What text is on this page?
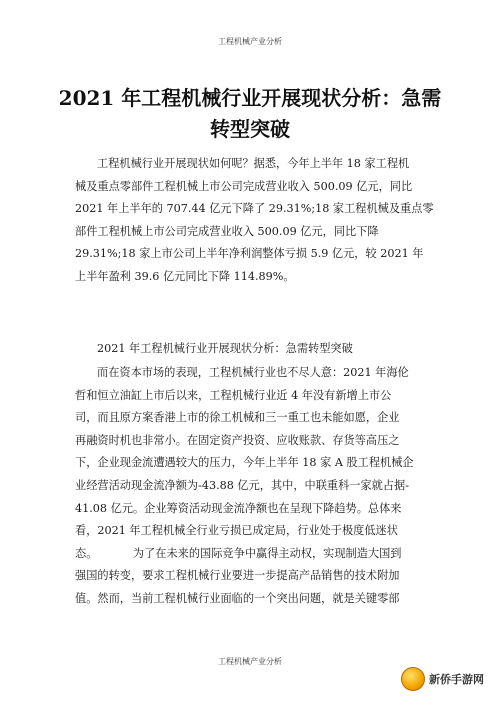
工程机械产业分析
2021 年工程机械行业开展现状分析：急需
转型突破
工程机械行业开展现状如何呢？据悉，今年上半年 18 家工程机
械及重点零部件工程机械上市公司完成营业收入 500.09 亿元，同比
2021 年上半年的 707.44 亿元下降了 29.31%;18 家工程机械及重点零
部件工程机械上市公司完成营业收入 500.09 亿元，同比下降
29.31%;18 家上市公司上半年净利润整体亏损 5.9 亿元，较 2021 年
上半年盈利 39.6 亿元同比下降 114.89%。
2021 年工程机械行业开展现状分析：急需转型突破
而在资本市场的表现，工程机械行业也不尽人意：2021 年海伦
哲和恒立油缸上市后以来，工程机械行业近 4 年没有新增上市公
司，而且原方案香港上市的徐工机械和三一重工也未能如愿，企业
再融资时机也非常小。在固定资产投资、应收账款、存货等高压之
下，企业现金流遭遇较大的压力，今年上半年 18 家 A 股工程机械企
业经营活动现金流净额为-43.88 亿元，其中，中联重科一家就占据-
41.08 亿元。企业筹资活动现金流净额也在呈现下降趋势。总体来
看，2021 年工程机械全行业亏损已成定局，行业处于极度低迷状
态。          为了在未来的国际竞争中赢得主动权，实现制造大国到
强国的转变，要求工程机械行业要进一步提高产品销售的技术附加
值。然而，当前工程机械行业面临的一个突出问题，就是关键零部
工程机械产业分析
新侨手游网
